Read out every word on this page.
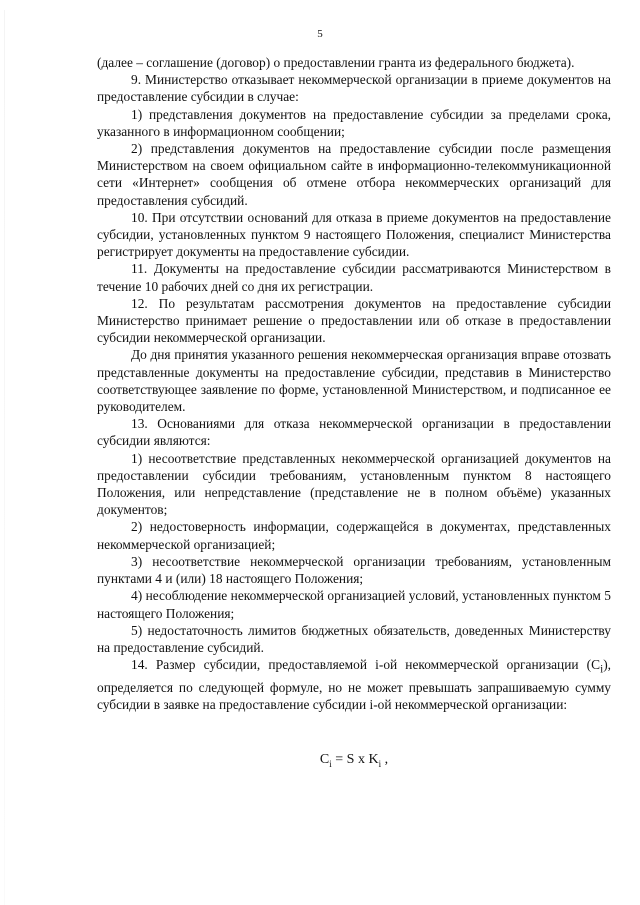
5

(далее – соглашение (договор) о предоставлении гранта из федерального бюджета).

9. Министерство отказывает некоммерческой организации в приеме документов на предоставление субсидии в случае:

1) представления документов на предоставление субсидии за пределами срока, указанного в информационном сообщении;

2) представления документов на предоставление субсидии после размещения Министерством на своем официальном сайте в информационно-телекоммуникационной сети «Интернет» сообщения об отмене отбора некоммерческих организаций для предоставления субсидий.

10. При отсутствии оснований для отказа в приеме документов на предоставление субсидии, установленных пунктом 9 настоящего Положения, специалист Министерства регистрирует документы на предоставление субсидии.

11. Документы на предоставление субсидии рассматриваются Министерством в течение 10 рабочих дней со дня их регистрации.

12. По результатам рассмотрения документов на предоставление субсидии Министерство принимает решение о предоставлении или об отказе в предоставлении субсидии некоммерческой организации.

До дня принятия указанного решения некоммерческая организация вправе отозвать представленные документы на предоставление субсидии, представив в Министерство соответствующее заявление по форме, установленной Министерством, и подписанное ее руководителем.

13. Основаниями для отказа некоммерческой организации в предоставлении субсидии являются:

1) несоответствие представленных некоммерческой организацией документов на предоставлении субсидии требованиям, установленным пунктом 8 настоящего Положения, или непредставление (представление не в полном объёме) указанных документов;

2) недостоверность информации, содержащейся в документах, представленных некоммерческой организацией;

3) несоответствие некоммерческой организации требованиям, установленным пунктами 4 и (или) 18 настоящего Положения;

4) несоблюдение некоммерческой организацией условий, установленных пунктом 5 настоящего Положения;

5) недостаточность лимитов бюджетных обязательств, доведенных Министерству на предоставление субсидий.

14. Размер субсидии, предоставляемой i-ой некоммерческой организации $(C_i)$, определяется по следующей формуле, но не может превышать запрашиваемую сумму субсидии в заявке на предоставление субсидии i-ой некоммерческой организации:

$C_i = S$ x $K_i$ ,
